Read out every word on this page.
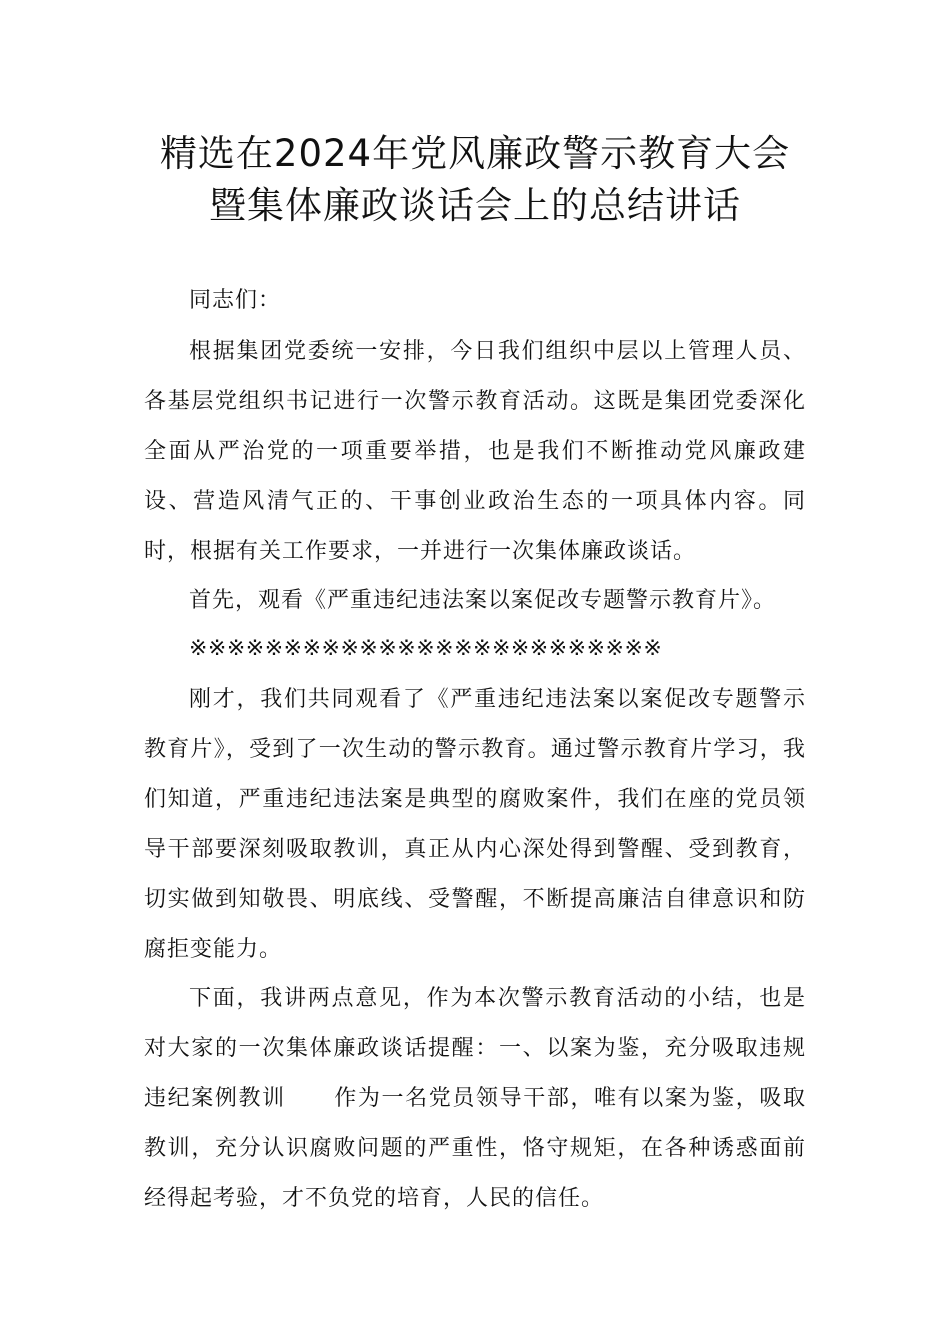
精选在2024年党风廉政警示教育大会
暨集体廉政谈话会上的总结讲话

同志们：

根据集团党委统一安排，今日我们组织中层以上管理人员、各基层党组织书记进行一次警示教育活动。这既是集团党委深化全面从严治党的一项重要举措，也是我们不断推动党风廉政建设、营造风清气正的、干事创业政治生态的一项具体内容。同时，根据有关工作要求，一并进行一次集体廉政谈话。

首先，观看《严重违纪违法案以案促改专题警示教育片》。

※※※※※※※※※※※※※※※※※※※※※※※※※

刚才，我们共同观看了《严重违纪违法案以案促改专题警示教育片》，受到了一次生动的警示教育。通过警示教育片学习，我们知道，严重违纪违法案是典型的腐败案件，我们在座的党员领导干部要深刻吸取教训，真正从内心深处得到警醒、受到教育，切实做到知敬畏、明底线、受警醒，不断提高廉洁自律意识和防腐拒变能力。

下面，我讲两点意见，作为本次警示教育活动的小结，也是对大家的一次集体廉政谈话提醒：一、以案为鉴，充分吸取违规违纪案例教训 作为一名党员领导干部，唯有以案为鉴，吸取教训，充分认识腐败问题的严重性，恪守规矩，在各种诱惑面前经得起考验，才不负党的培育，人民的信任。
